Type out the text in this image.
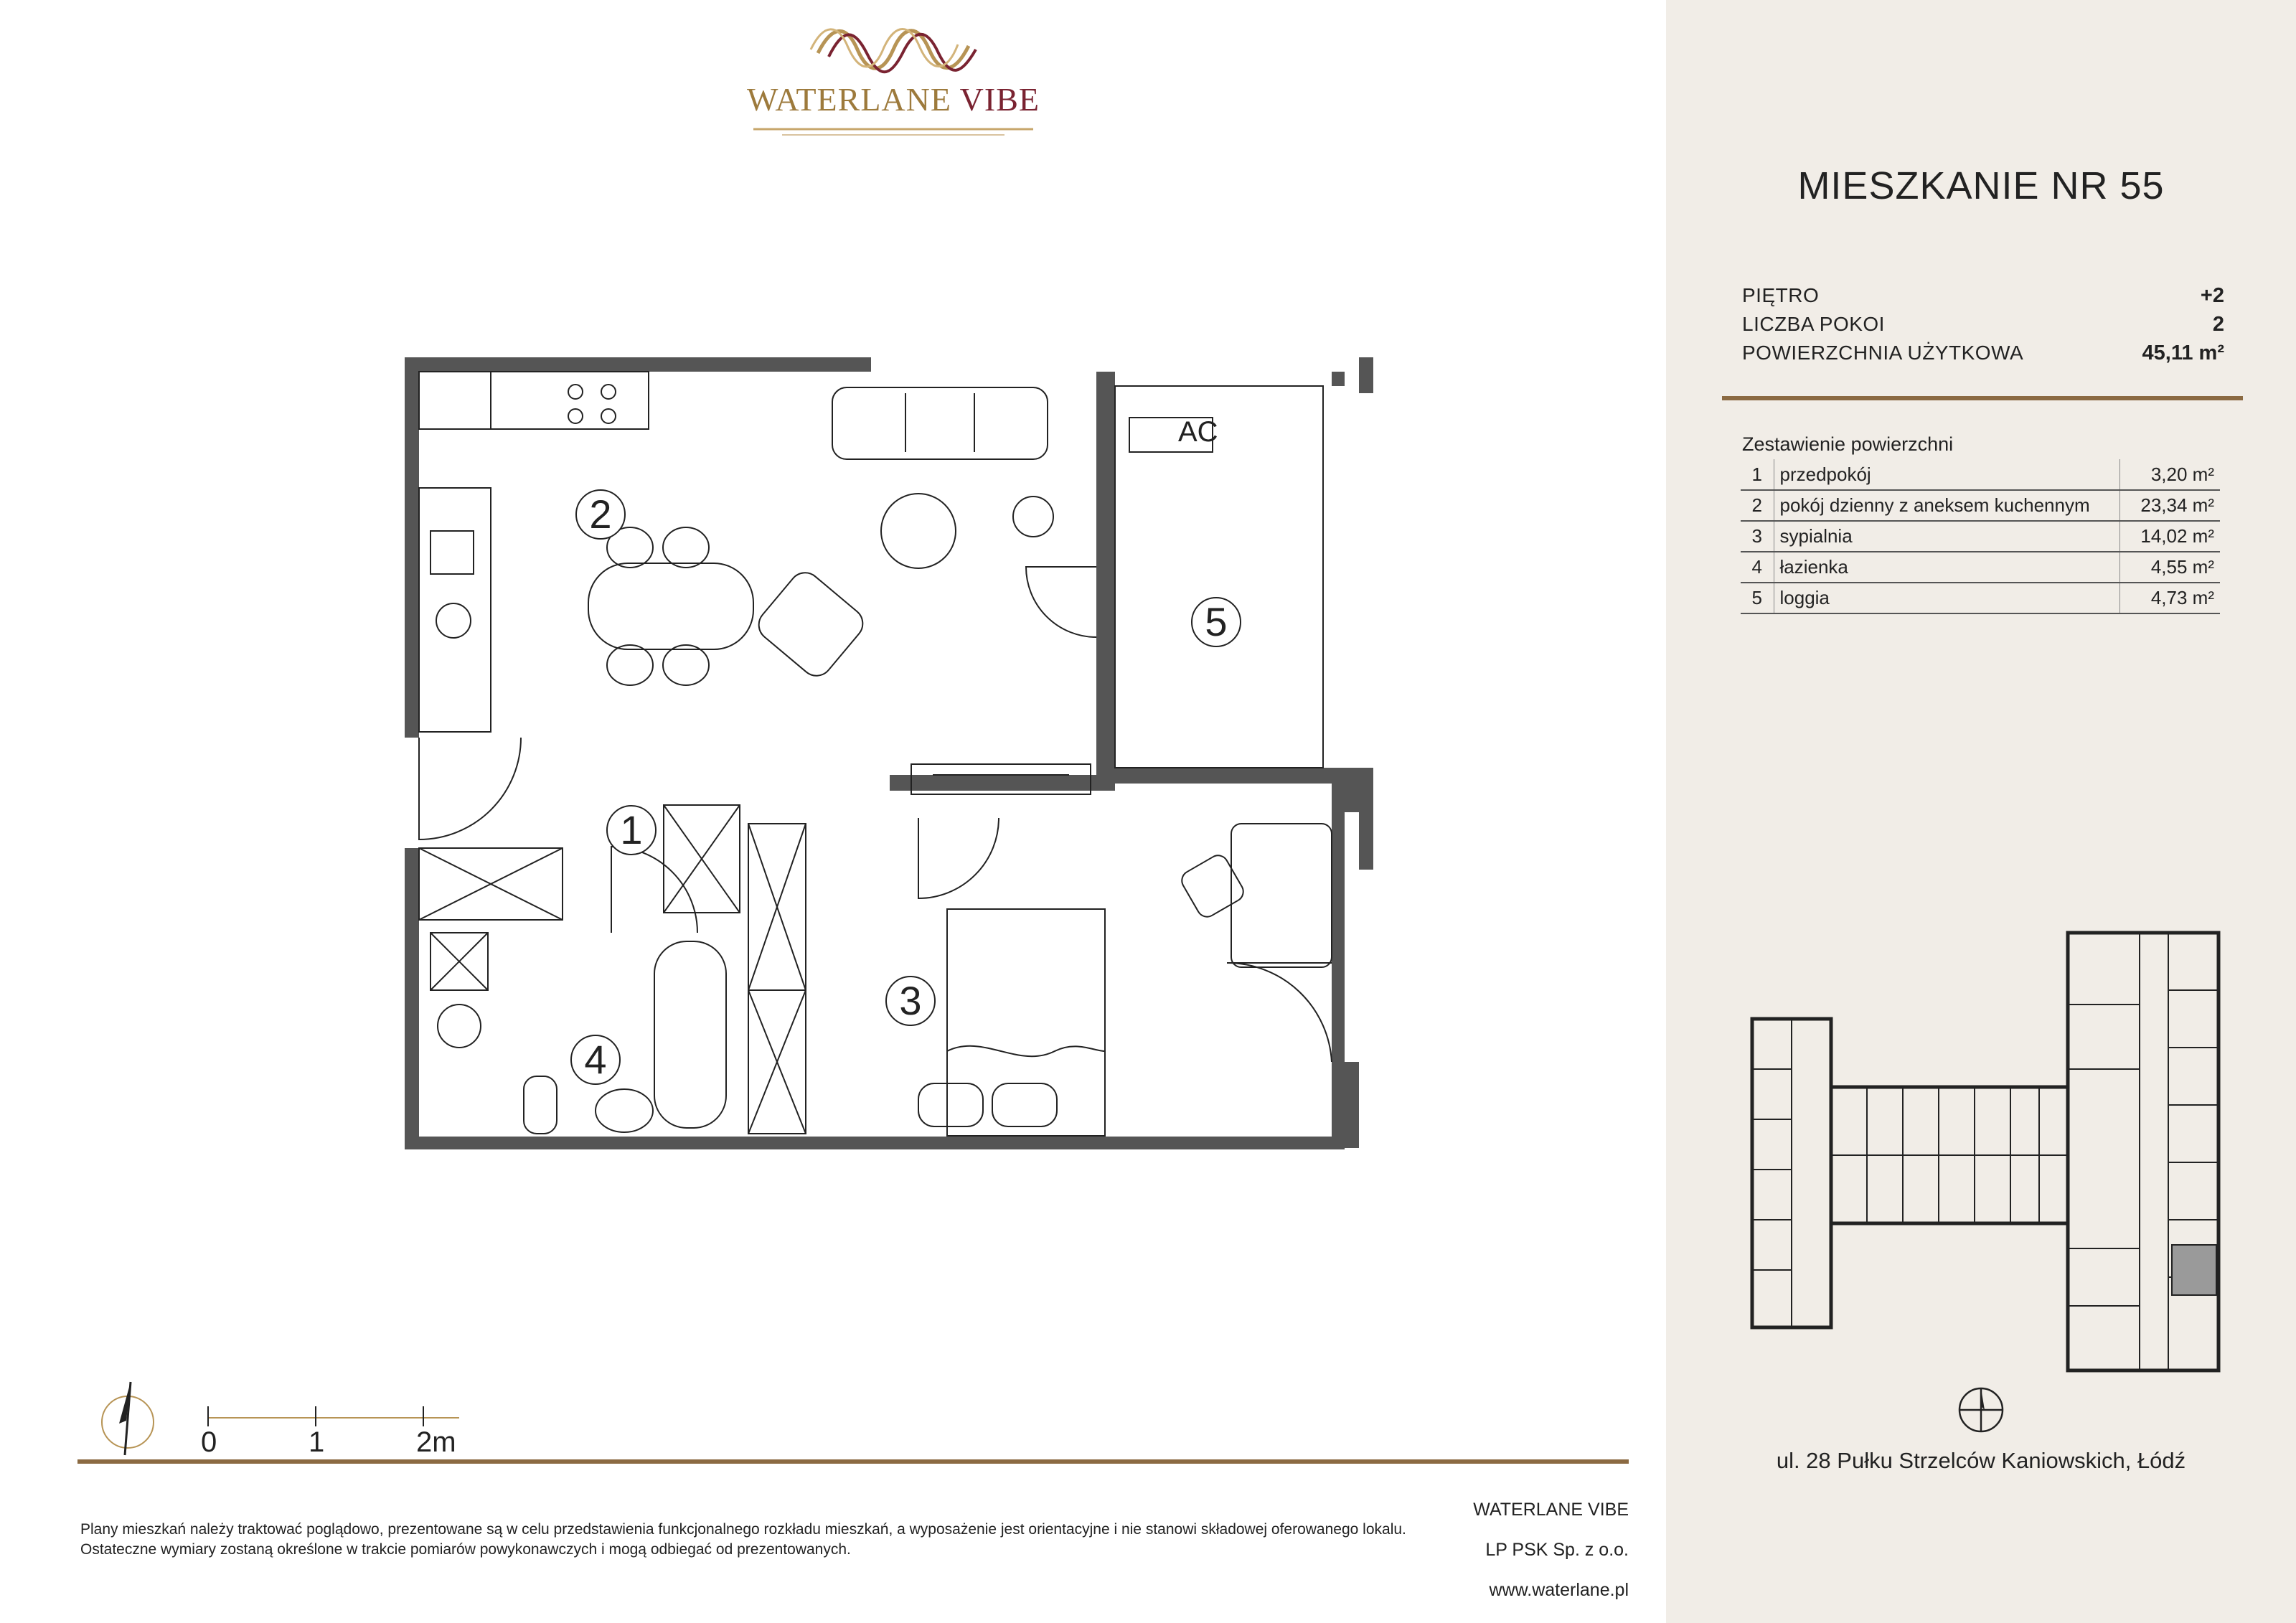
WATERLANE VIBE
1
2
3
4
5
AC
0	1	2m
Plany mieszkań należy traktować poglądowo, prezentowane są w celu przedstawienia funkcjonalnego rozkładu mieszkań, a wyposażenie jest orientacyjne i nie stanowi składowej oferowanego lokalu.
Ostateczne wymiary zostaną określone w trakcie pomiarów powykonawczych i mogą odbiegać od prezentowanych.
WATERLANE VIBE
LP PSK Sp. z o.o.
www.waterlane.pl
MIESZKANIE NR 55
PIĘTRO	+2
LICZBA POKOI	2
POWIERZCHNIA UŻYTKOWA	45,11 m²
Zestawienie powierzchni
1	przedpokój	3,20 m²
2	pokój dzienny z aneksem kuchennym	23,34 m²
3	sypialnia	14,02 m²
4	łazienka	4,55 m²
5	loggia	4,73 m²
ul. 28 Pułku Strzelców Kaniowskich, Łódź
